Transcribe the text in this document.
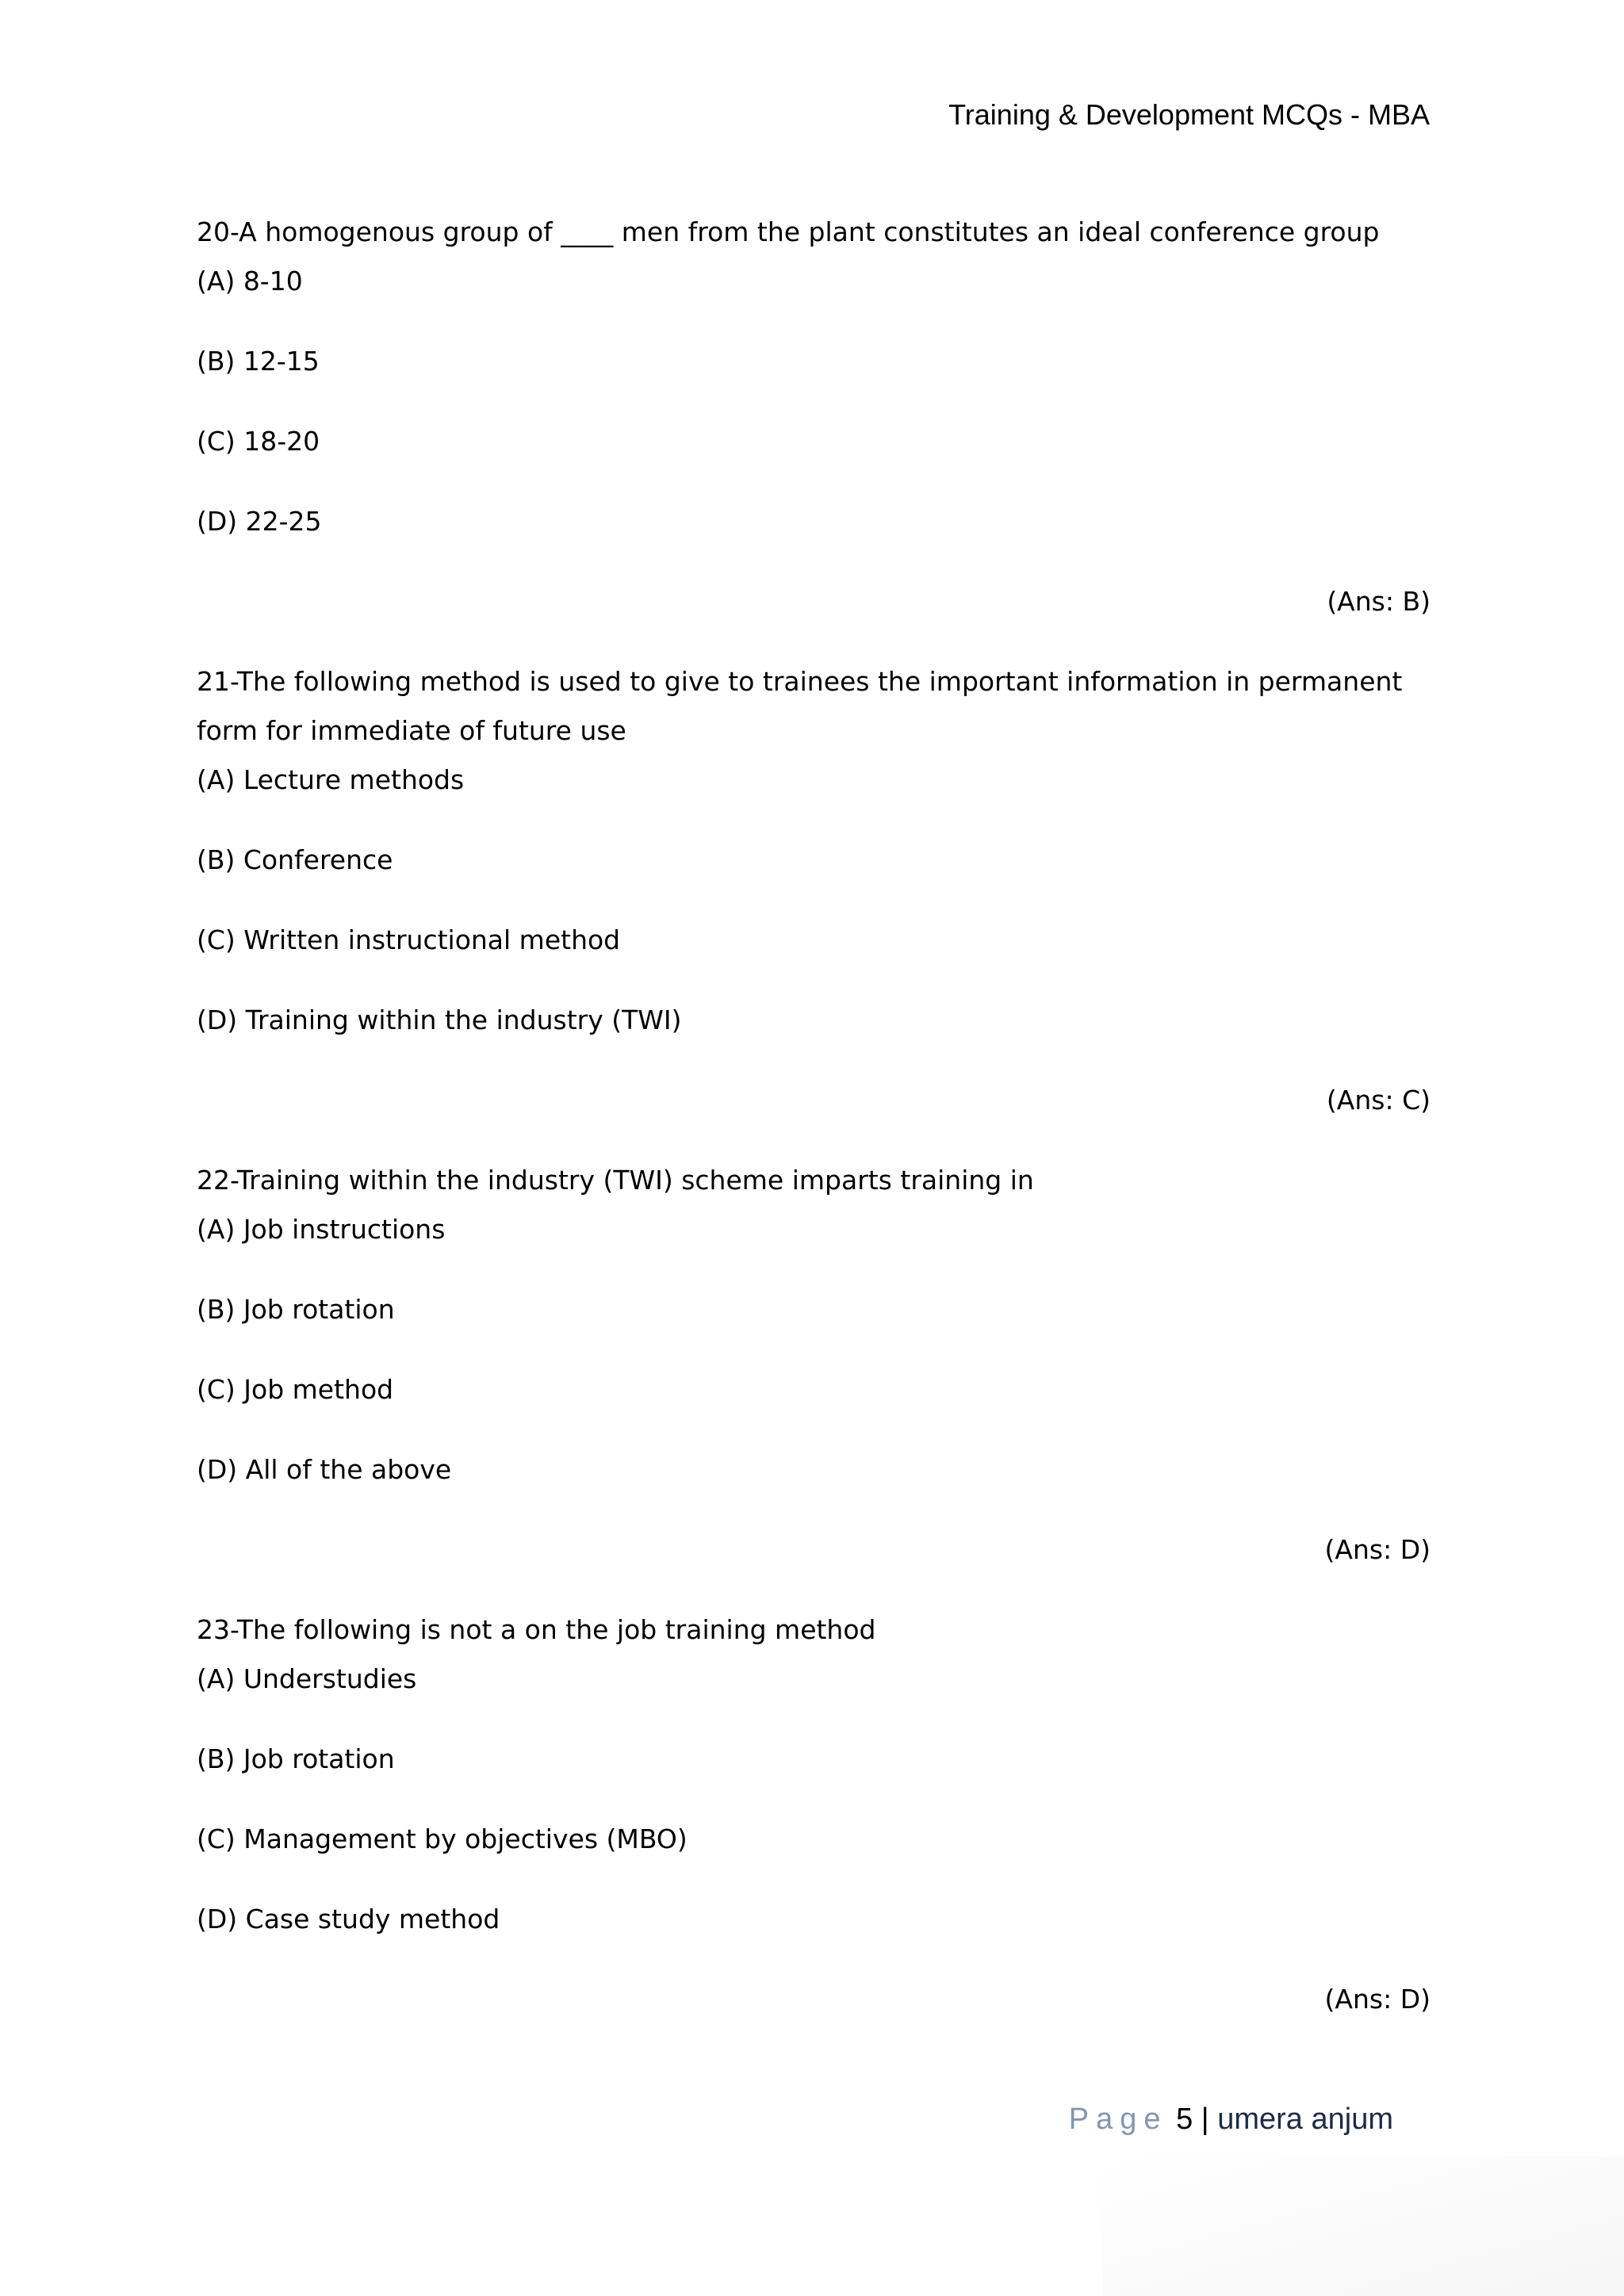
Training & Development MCQs - MBA

20-A homogenous group of ____ men from the plant constitutes an ideal conference group

(A) 8-10
(B) 12-15
(C) 18-20
(D) 22-25
(Ans: B)

21-The following method is used to give to trainees the important information in permanent form for immediate of future use

(A) Lecture methods
(B) Conference
(C) Written instructional method
(D) Training within the industry (TWI)
(Ans: C)

22-Training within the industry (TWI) scheme imparts training in

(A) Job instructions
(B) Job rotation
(C) Job method
(D) All of the above
(Ans: D)

23-The following is not a on the job training method

(A) Understudies
(B) Job rotation
(C) Management by objectives (MBO)
(D) Case study method
(Ans: D)
Page 5 | umera anjum
